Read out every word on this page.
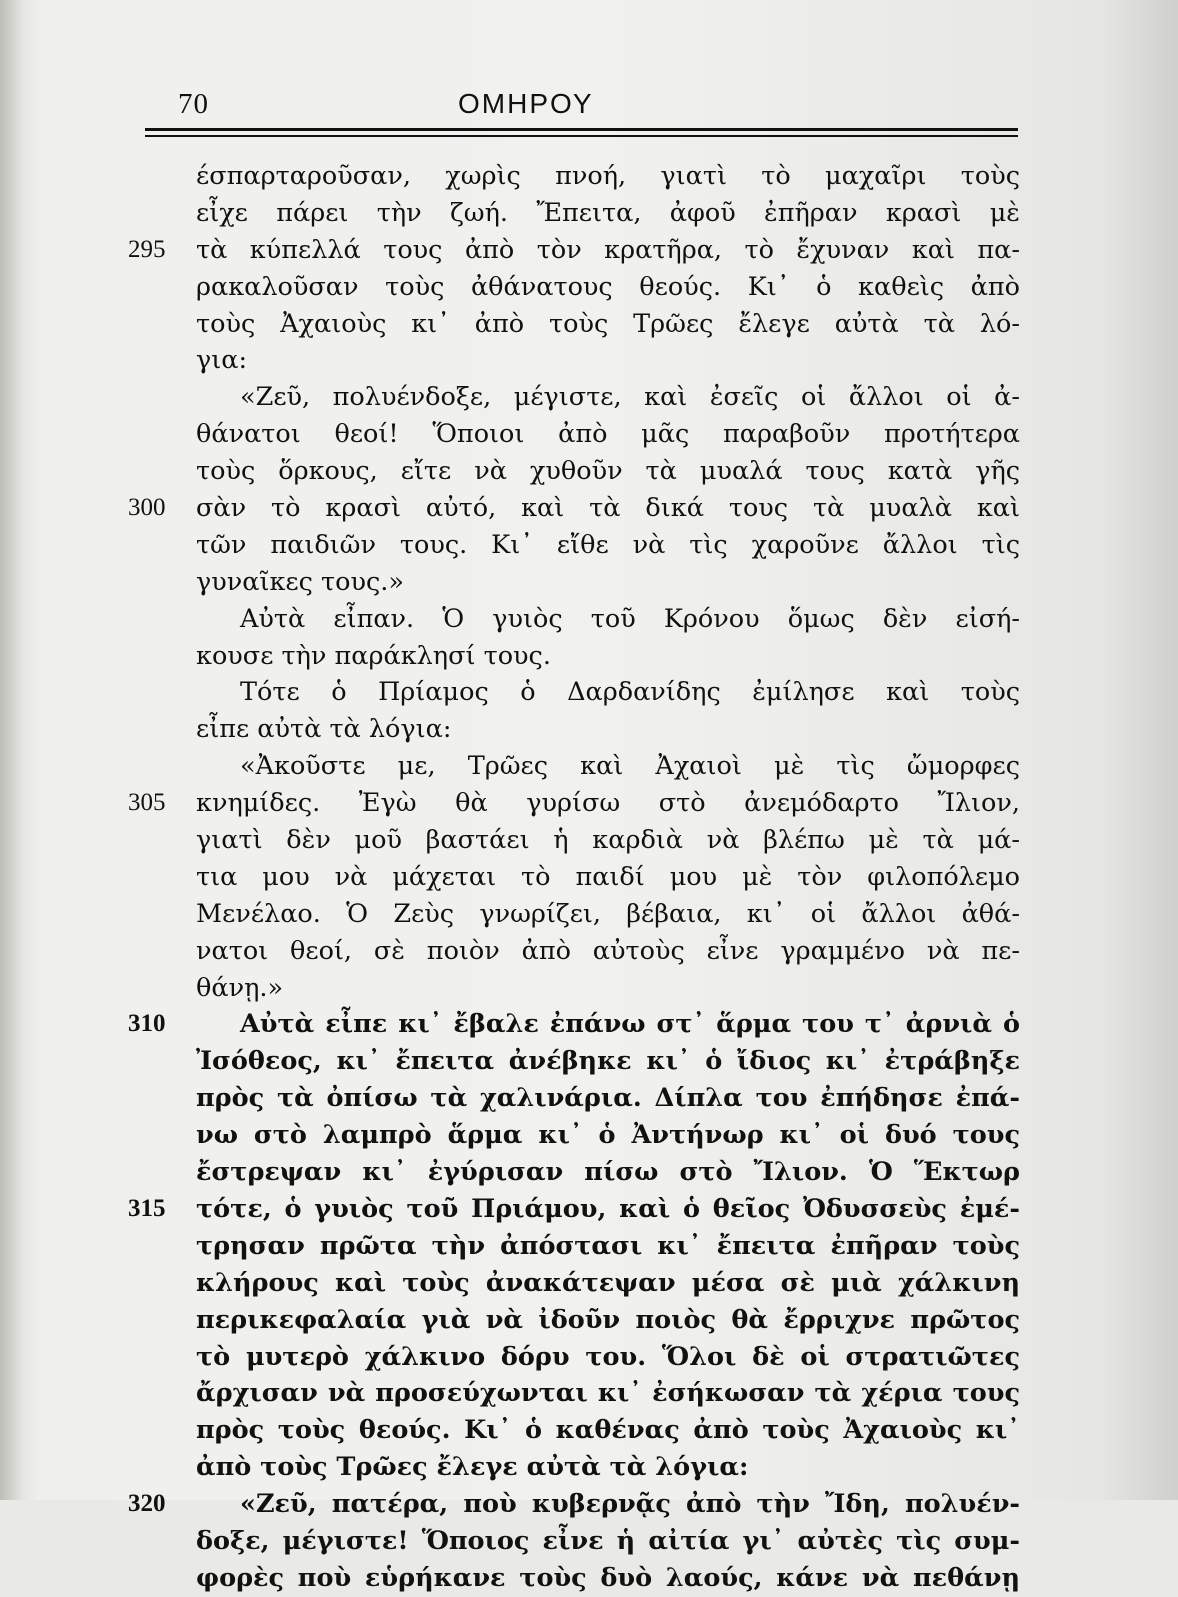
70	ΟΜΗΡΟΥ
έσπαρταροῦσαν, χωρὶς πνοή, γιατὶ τὸ μαχαῖρι τοὺς
εἶχε πάρει τὴν ζωή. Ἔπειτα, ἀφοῦ ἐπῆραν κρασὶ μὲ
295 τὰ κύπελλά τους ἀπὸ τὸν κρατῆρα, τὸ ἔχυναν καὶ πα-
ρακαλοῦσαν τοὺς ἀθάνατους θεούς. Κι᾽ ὁ καθεὶς ἀπὸ
τοὺς Ἀχαιοὺς κι᾽ ἀπὸ τοὺς Τρῶες ἔλεγε αὐτὰ τὰ λό-
για:
«Ζεῦ, πολυένδοξε, μέγιστε, καὶ ἐσεῖς οἱ ἄλλοι οἱ ἀ-
θάνατοι θεοί! Ὅποιοι ἀπὸ μᾶς παραβοῦν προτήτερα
τοὺς ὅρκους, εἴτε νὰ χυθοῦν τὰ μυαλά τους κατὰ γῆς
300 σὰν τὸ κρασὶ αὐτό, καὶ τὰ δικά τους τὰ μυαλὰ καὶ
τῶν παιδιῶν τους. Κι᾽ εἴθε νὰ τὶς χαροῦνε ἄλλοι τὶς
γυναῖκες τους.»
Αὐτὰ εἶπαν. Ὁ γυιὸς τοῦ Κρόνου ὅμως δὲν εἰσή-
κουσε τὴν παράκλησί τους.
Τότε ὁ Πρίαμος ὁ Δαρδανίδης ἐμίλησε καὶ τοὺς
εἶπε αὐτὰ τὰ λόγια:
«Ἀκοῦστε με, Τρῶες καὶ Ἀχαιοὶ μὲ τὶς ὤμορφες
305 κνημίδες. Ἐγὼ θὰ γυρίσω στὸ ἀνεμόδαρτο Ἴλιον,
γιατὶ δὲν μοῦ βαστάει ἡ καρδιὰ νὰ βλέπω μὲ τὰ μά-
τια μου νὰ μάχεται τὸ παιδί μου μὲ τὸν φιλοπόλεμο
Μενέλαο. Ὁ Ζεὺς γνωρίζει, βέβαια, κι᾽ οἱ ἄλλοι ἀθά-
νατοι θεοί, σὲ ποιὸν ἀπὸ αὐτοὺς εἶνε γραμμένο νὰ πε-
θάνῃ.»
310	Αὐτὰ εἶπε κι᾽ ἔβαλε ἐπάνω στ᾽ ἅρμα του τ᾽ ἀρνιὰ ὁ
Ἰσόθεος, κι᾽ ἔπειτα ἀνέβηκε κι᾽ ὁ ἴδιος κι᾽ ἐτράβηξε
πρὸς τὰ ὀπίσω τὰ χαλινάρια. Δίπλα του ἐπήδησε ἐπά-
νω στὸ λαμπρὸ ἅρμα κι᾽ ὁ Ἀντήνωρ κι᾽ οἱ δυό τους
ἔστρεψαν κι᾽ ἐγύρισαν πίσω στὸ Ἴλιον. Ὁ Ἕκτωρ
315 τότε, ὁ γυιὸς τοῦ Πριάμου, καὶ ὁ θεῖος Ὀδυσσεὺς ἐμέ-
τρησαν πρῶτα τὴν ἀπόστασι κι᾽ ἔπειτα ἐπῆραν τοὺς
κλήρους καὶ τοὺς ἀνακάτεψαν μέσα σὲ μιὰ χάλκινη
περικεφαλαία γιὰ νὰ ἰδοῦν ποιὸς θὰ ἔρριχνε πρῶτος
τὸ μυτερὸ χάλκινο δόρυ του. Ὅλοι δὲ οἱ στρατιῶτες
ἄρχισαν νὰ προσεύχωνται κι᾽ ἐσήκωσαν τὰ χέρια τους
πρὸς τοὺς θεούς. Κι᾽ ὁ καθένας ἀπὸ τοὺς Ἀχαιοὺς κι᾽
ἀπὸ τοὺς Τρῶες ἔλεγε αὐτὰ τὰ λόγια:
320	«Ζεῦ, πατέρα, ποὺ κυβερνᾷς ἀπὸ τὴν Ἴδη, πολυέν-
δοξε, μέγιστε! Ὅποιος εἶνε ἡ αἰτία γι᾽ αὐτὲς τὶς συμ-
φορὲς ποὺ εὑρήκανε τοὺς δυὸ λαούς, κάνε νὰ πεθάνῃ
